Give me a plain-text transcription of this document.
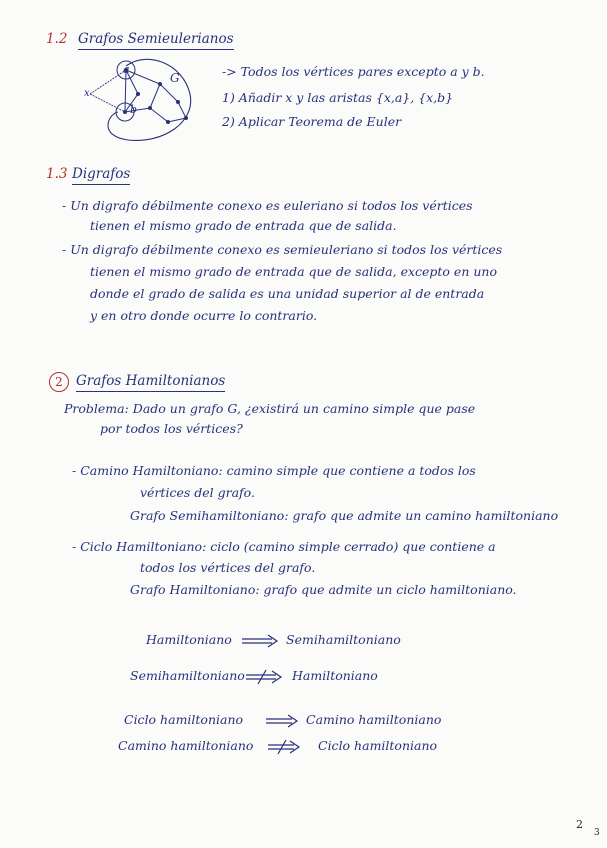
1.2 Grafos Semieulerianos
x
a
b
G	-> Todos los vértices pares excepto a y b.
1) Añadir x y las aristas {x,a}, {x,b}
2) Aplicar Teorema de Euler
1.3 Digrafos
- Un digrafo débilmente conexo es euleriano si todos los vértices
tienen el mismo grado de entrada que de salida.
- Un digrafo débilmente conexo es semieuleriano si todos los vértices
tienen el mismo grado de entrada que de salida, excepto en uno
donde el grado de salida es una unidad superior al de entrada
y en otro donde ocurre lo contrario.
2 Grafos Hamiltonianos
Problema: Dado un grafo G, ¿existirá un camino simple que pase
por todos los vértices?
- Camino Hamiltoniano: camino simple que contiene a todos los
vértices del grafo.
Grafo Semihamiltoniano: grafo que admite un camino hamiltoniano
- Ciclo Hamiltoniano: ciclo (camino simple cerrado) que contiene a
todos los vértices del grafo.
Grafo Hamiltoniano: grafo que admite un ciclo hamiltoniano.
Hamiltoniano	Semihamiltoniano
Semihamiltoniano	Hamiltoniano
Ciclo hamiltoniano	Camino hamiltoniano
Camino hamiltoniano	Ciclo hamiltoniano
2
3
